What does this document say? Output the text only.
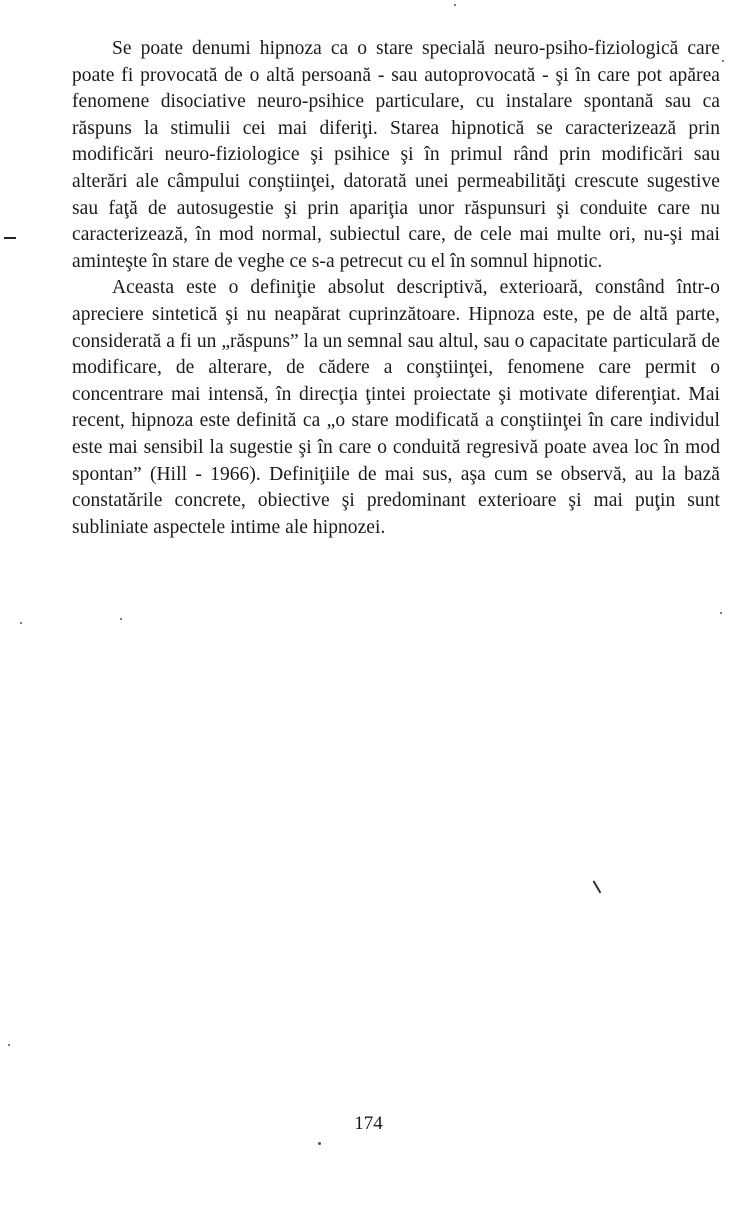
Se poate denumi hipnoza ca o stare specială neuro-psiho-fiziologică care poate fi provocată de o altă persoană - sau autoprovocată - şi în care pot apărea fenomene disociative neuro-psihice particulare, cu instalare spontană sau ca răspuns la stimulii cei mai diferiţi. Starea hipnotică se caracterizează prin modificări neuro-fiziologice şi psihice şi în primul rând prin modificări sau alterări ale câmpului conştiinţei, datorată unei permeabilităţi crescute sugestive sau faţă de autosugestie şi prin apariţia unor răspunsuri şi conduite care nu caracterizează, în mod normal, subiectul care, de cele mai multe ori, nu-şi mai aminteşte în stare de veghe ce s-a petrecut cu el în somnul hipnotic.

Aceasta este o definiţie absolut descriptivă, exterioară, constând într-o apreciere sintetică şi nu neapărat cuprinzătoare. Hipnoza este, pe de altă parte, considerată a fi un „răspuns” la un semnal sau altul, sau o capacitate particulară de modificare, de alterare, de cădere a conştiinţei, fenomene care permit o concentrare mai intensă, în direcţia ţintei proiectate şi motivate diferenţiat. Mai recent, hipnoza este definită ca „o stare modificată a conştiinţei în care individul este mai sensibil la sugestie şi în care o conduită regresivă poate avea loc în mod spontan” (Hill - 1966). Definiţiile de mai sus, aşa cum se observă, au la bază constatările concrete, obiective şi predominant exterioare şi mai puţin sunt subliniate aspectele intime ale hipnozei.

174
